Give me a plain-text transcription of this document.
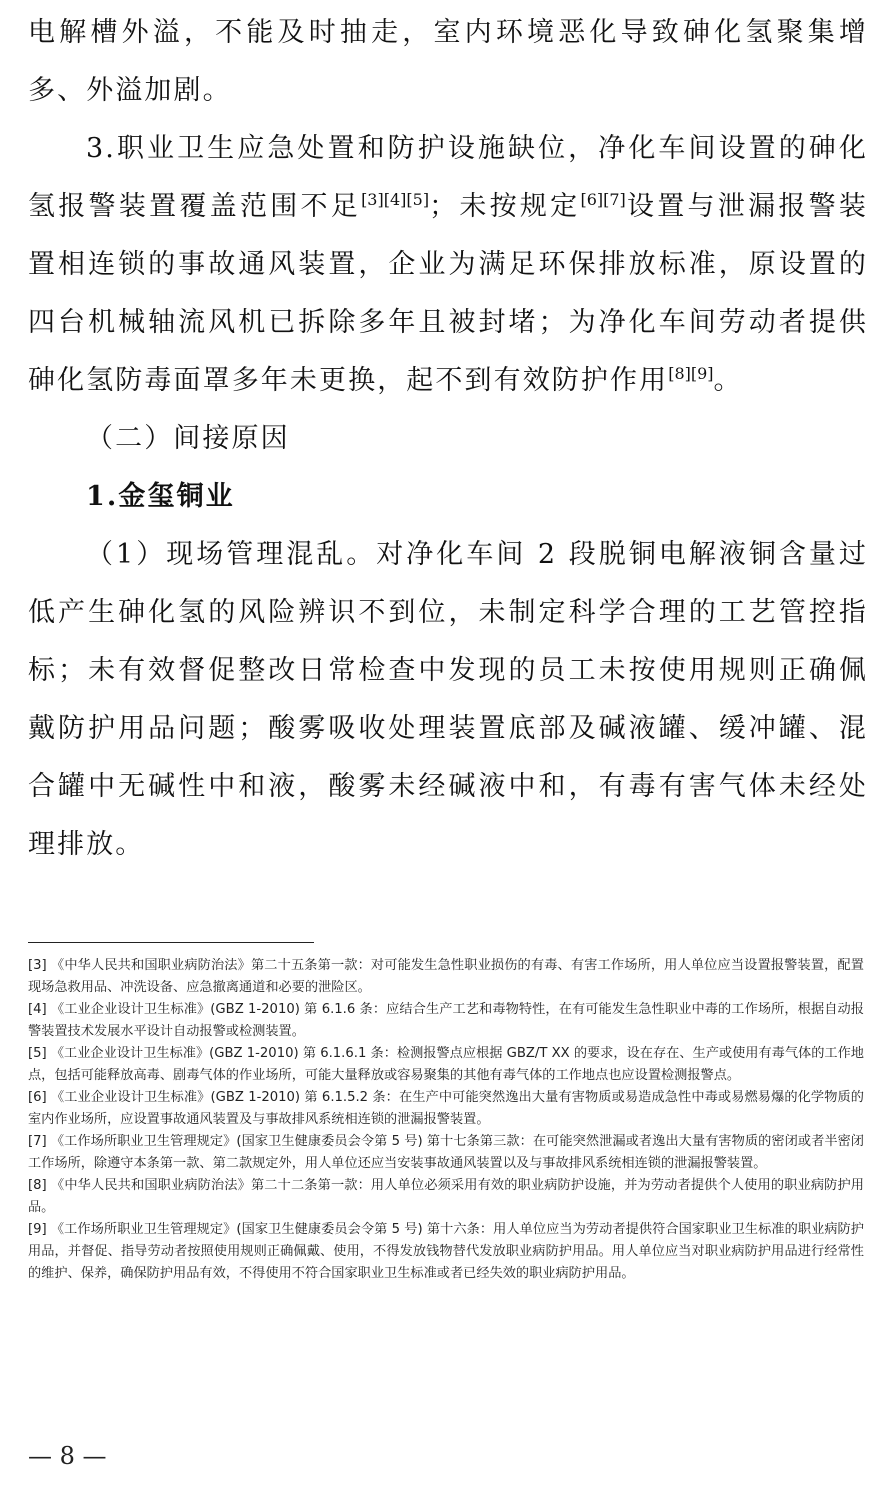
电解槽外溢，不能及时抽走，室内环境恶化导致砷化氢聚集增多、外溢加剧。

3.职业卫生应急处置和防护设施缺位，净化车间设置的砷化氢报警装置覆盖范围不足[3][4][5]；未按规定[6][7]设置与泄漏报警装置相连锁的事故通风装置，企业为满足环保排放标准，原设置的四台机械轴流风机已拆除多年且被封堵；为净化车间劳动者提供砷化氢防毒面罩多年未更换，起不到有效防护作用[8][9]。

（二）间接原因

1.金玺铜业

（1）现场管理混乱。对净化车间 2 段脱铜电解液铜含量过低产生砷化氢的风险辨识不到位，未制定科学合理的工艺管控指标；未有效督促整改日常检查中发现的员工未按使用规则正确佩戴防护用品问题；酸雾吸收处理装置底部及碱液罐、缓冲罐、混合罐中无碱性中和液，酸雾未经碱液中和，有毒有害气体未经处理排放。

[3] 《中华人民共和国职业病防治法》第二十五条第一款：对可能发生急性职业损伤的有毒、有害工作场所，用人单位应当设置报警装置，配置现场急救用品、冲洗设备、应急撤离通道和必要的泄险区。

[4] 《工业企业设计卫生标准》(GBZ 1-2010) 第 6.1.6 条：应结合生产工艺和毒物特性，在有可能发生急性职业中毒的工作场所，根据自动报警装置技术发展水平设计自动报警或检测装置。

[5] 《工业企业设计卫生标准》(GBZ 1-2010) 第 6.1.6.1 条：检测报警点应根据 GBZ/T XX 的要求，设在存在、生产或使用有毒气体的工作地点，包括可能释放高毒、剧毒气体的作业场所，可能大量释放或容易聚集的其他有毒气体的工作地点也应设置检测报警点。

[6] 《工业企业设计卫生标准》(GBZ 1-2010) 第 6.1.5.2 条：在生产中可能突然逸出大量有害物质或易造成急性中毒或易燃易爆的化学物质的室内作业场所，应设置事故通风装置及与事故排风系统相连锁的泄漏报警装置。

[7] 《工作场所职业卫生管理规定》(国家卫生健康委员会令第 5 号) 第十七条第三款：在可能突然泄漏或者逸出大量有害物质的密闭或者半密闭工作场所，除遵守本条第一款、第二款规定外，用人单位还应当安装事故通风装置以及与事故排风系统相连锁的泄漏报警装置。

[8] 《中华人民共和国职业病防治法》第二十二条第一款：用人单位必须采用有效的职业病防护设施，并为劳动者提供个人使用的职业病防护用品。

[9] 《工作场所职业卫生管理规定》(国家卫生健康委员会令第 5 号) 第十六条：用人单位应当为劳动者提供符合国家职业卫生标准的职业病防护用品，并督促、指导劳动者按照使用规则正确佩戴、使用，不得发放钱物替代发放职业病防护用品。用人单位应当对职业病防护用品进行经常性的维护、保养，确保防护用品有效，不得使用不符合国家职业卫生标准或者已经失效的职业病防护用品。

— 8 —
